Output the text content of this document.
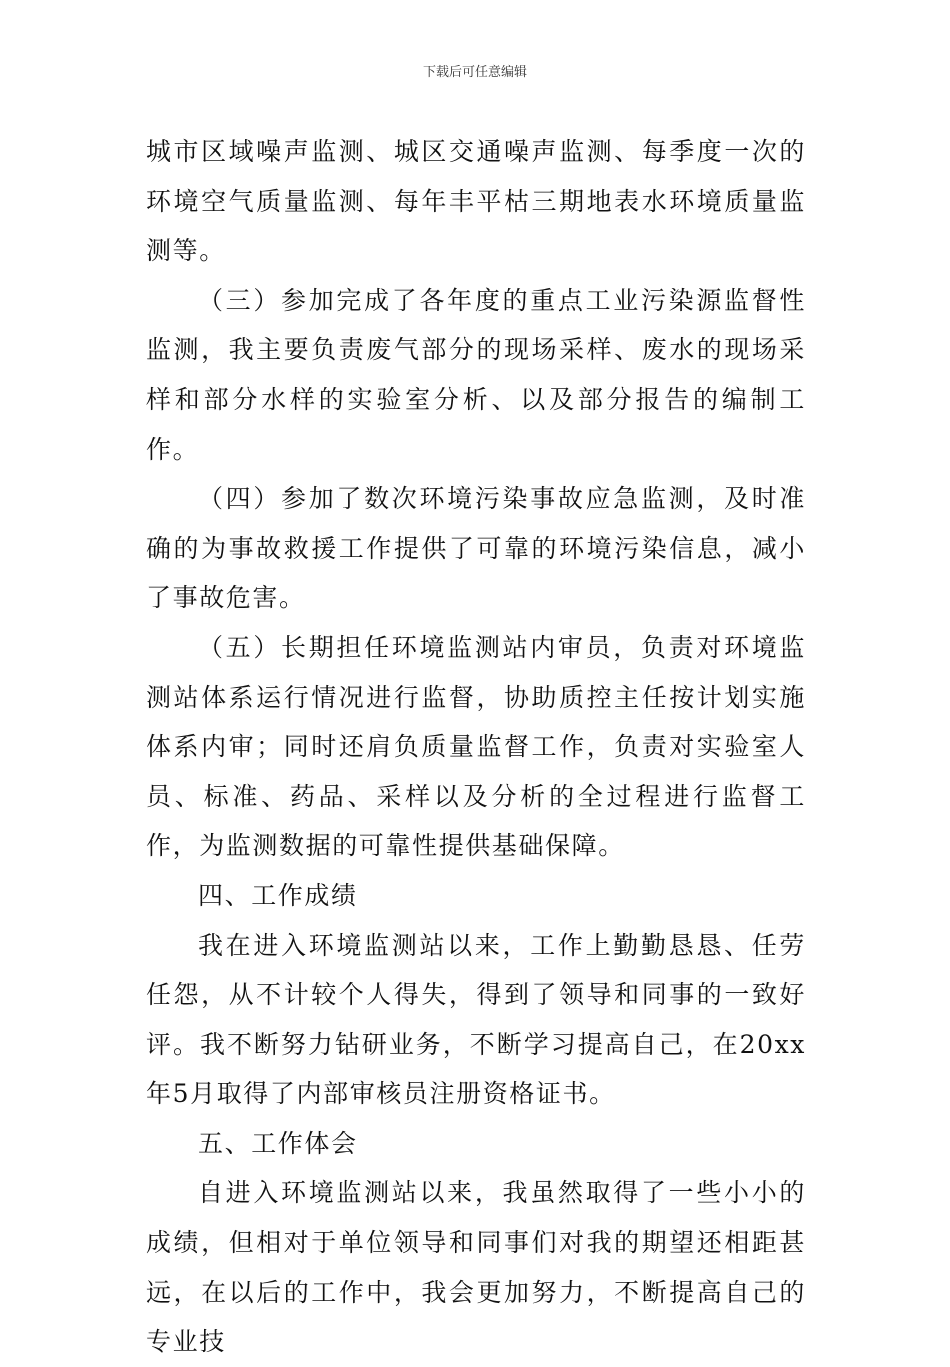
下载后可任意编辑

城市区域噪声监测、城区交通噪声监测、每季度一次的环境空气质量监测、每年丰平枯三期地表水环境质量监测等。

（三）参加完成了各年度的重点工业污染源监督性监测，我主要负责废气部分的现场采样、废水的现场采样和部分水样的实验室分析、以及部分报告的编制工作。

（四）参加了数次环境污染事故应急监测，及时准确的为事故救援工作提供了可靠的环境污染信息，减小了事故危害。

（五）长期担任环境监测站内审员，负责对环境监测站体系运行情况进行监督，协助质控主任按计划实施体系内审；同时还肩负质量监督工作，负责对实验室人员、标准、药品、采样以及分析的全过程进行监督工作，为监测数据的可靠性提供基础保障。

四、工作成绩

我在进入环境监测站以来，工作上勤勤恳恳、任劳任怨，从不计较个人得失，得到了领导和同事的一致好评。我不断努力钻研业务，不断学习提高自己，在20xx年5月取得了内部审核员注册资格证书。

五、工作体会

自进入环境监测站以来，我虽然取得了一些小小的成绩，但相对于单位领导和同事们对我的期望还相距甚远，在以后的工作中，我会更加努力，不断提高自己的专业技
